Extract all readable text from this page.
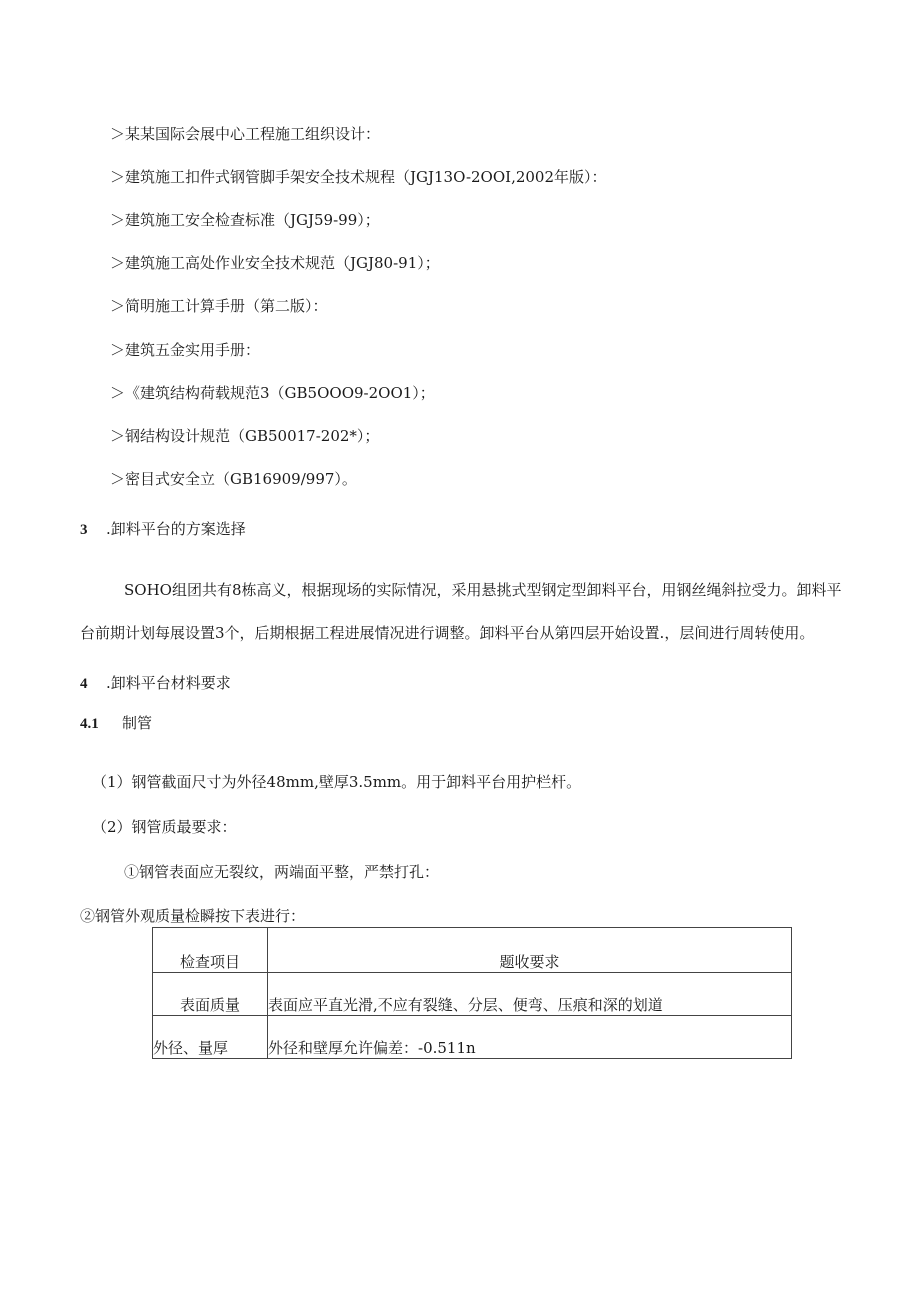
＞某某国际会展中心工程施工组织设计：
＞建筑施工扣件式钢管脚手架安全技术规程（JGJ13O-2OOI,2002年版）：
＞建筑施工安全检查标准（JGJ59-99）；
＞建筑施工高处作业安全技术规范（JGJ80-91）；
＞简明施工计算手册（第二版）：
＞建筑五金实用手册：
＞《建筑结构荷载规范3（GB5OOO9-2OO1）；
＞钢结构设计规范（GB50017-202*）；
＞密目式安全立（GB16909/997）。
3 .卸料平台的方案选择
SOHO组团共有8栋高义，根据现场的实际情况，采用悬挑式型钢定型卸料平台，用钢丝绳斜拉受力。卸料平
台前期计划每展设置3个，后期根据工程进展情况进行调整。卸料平台从第四层开始设置.，层间进行周转使用。
4 .卸料平台材料要求
4.1 制管
（1）钢管截面尺寸为外径48mm,壁厚3.5mm。用于卸料平台用护栏杆。
（2）钢管质最要求：
①钢管表面应无裂纹，两端面平整，严禁打孔：
②钢管外观质量检瞬按下表进行：
检查项目	题收要求
表面质量	表面应平直光滑,不应有裂缝、分层、便弯、压痕和深的划道
外径、量厚	外径和壁厚允许偏差：-0.511n
